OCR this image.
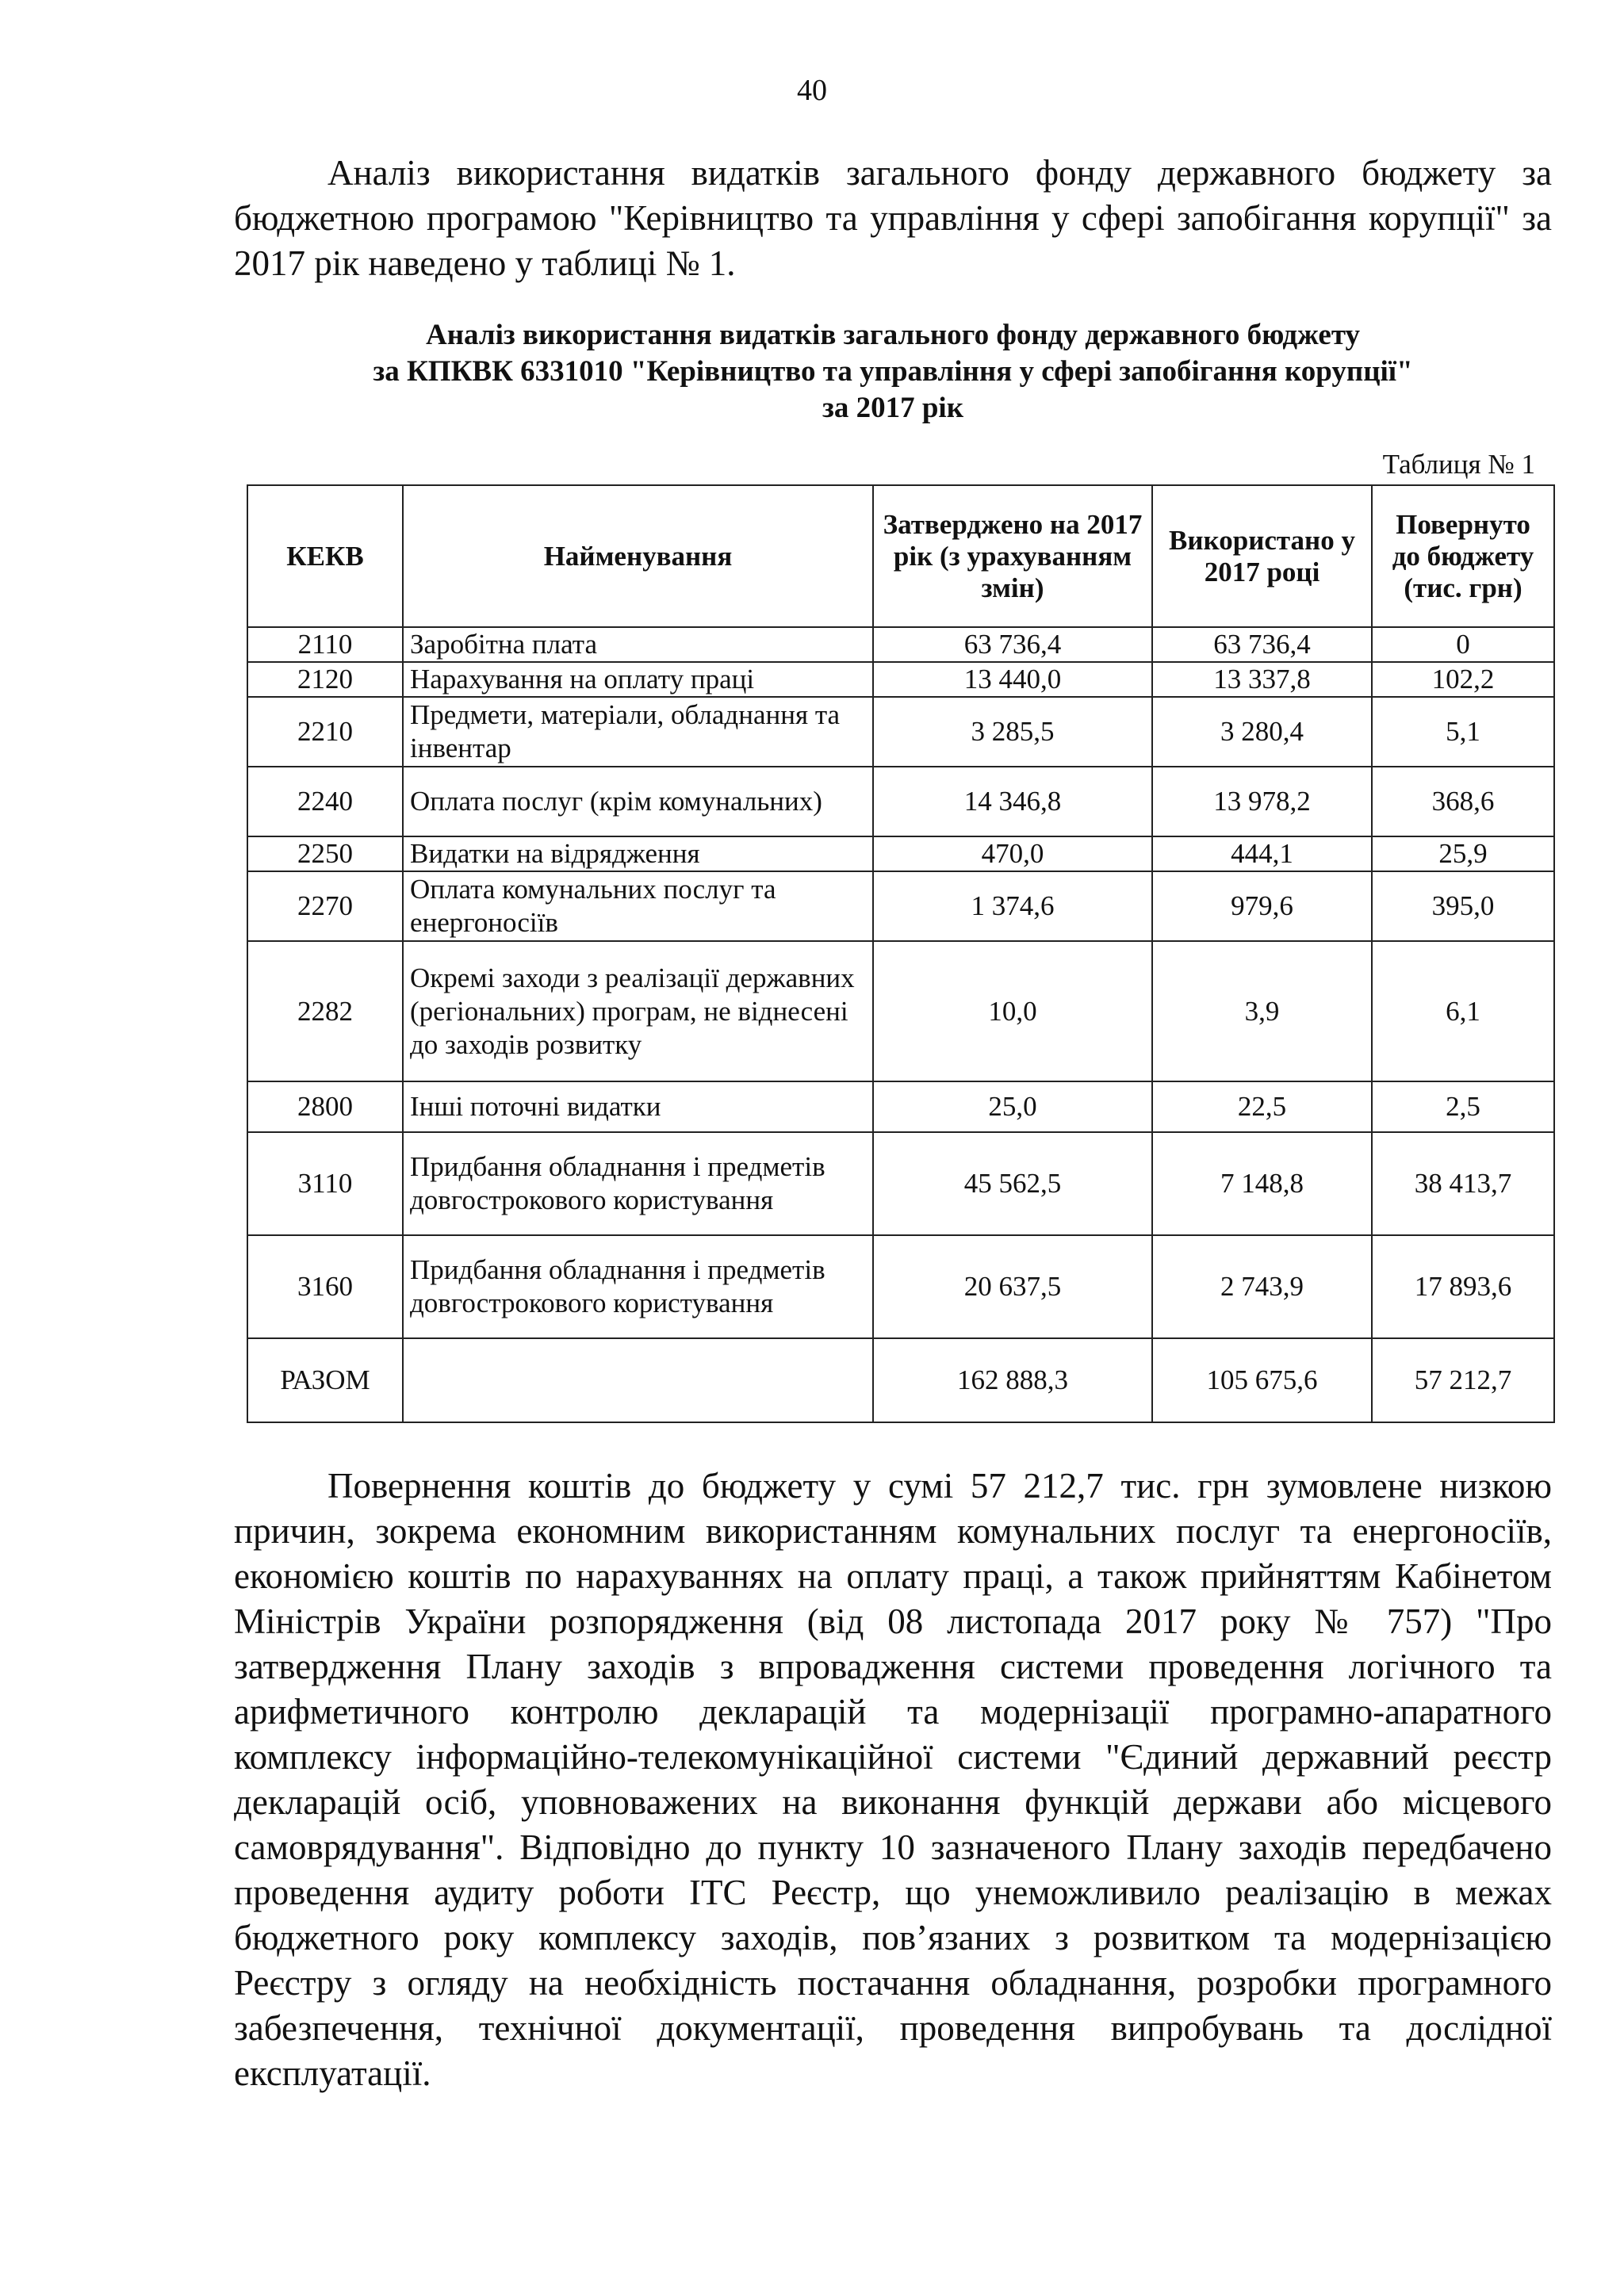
40

Аналіз використання видатків загального фонду державного бюджету за бюджетною програмою "Керівництво та управління у сфері запобігання корупції" за 2017 рік наведено у таблиці № 1.

Аналіз використання видатків загального фонду державного бюджету
за КПКВК 6331010 "Керівництво та управління у сфері запобігання корупції"
за 2017 рік
Таблиця № 1
КЕКВ	Найменування	Затверджено на 2017 рік (з урахуванням змін)	Використано у 2017 році	Повернуто до бюджету (тис. грн)
2110	Заробітна плата	63 736,4	63 736,4	0
2120	Нарахування на оплату праці	13 440,0	13 337,8	102,2
2210	Предмети, матеріали, обладнання та інвентар	3 285,5	3 280,4	5,1
2240	Оплата послуг (крім комунальних)	14 346,8	13 978,2	368,6
2250	Видатки на відрядження	470,0	444,1	25,9
2270	Оплата комунальних послуг та енергоносіїв	1 374,6	979,6	395,0
2282	Окремі заходи з реалізації державних (регіональних) програм, не віднесені до заходів розвитку	10,0	3,9	6,1
2800	Інші поточні видатки	25,0	22,5	2,5
3110	Придбання обладнання і предметів довгострокового користування	45 562,5	7 148,8	38 413,7
3160	Придбання обладнання і предметів довгострокового користування	20 637,5	2 743,9	17 893,6
РАЗОМ		162 888,3	105 675,6	57 212,7

Повернення коштів до бюджету у сумі 57 212,7 тис. грн зумовлене низкою причин, зокрема економним використанням комунальних послуг та енергоносіїв, економією коштів по нарахуваннях на оплату праці, а також прийняттям Кабінетом Міністрів України розпорядження (від 08 листопада 2017 року № 757) "Про затвердження Плану заходів з впровадження системи проведення логічного та арифметичного контролю декларацій та модернізації програмно-апаратного комплексу інформаційно-телекомунікаційної системи "Єдиний державний реєстр декларацій осіб, уповноважених на виконання функцій держави або місцевого самоврядування". Відповідно до пункту 10 зазначеного Плану заходів передбачено проведення аудиту роботи ІТС Реєстр, що унеможливило реалізацію в межах бюджетного року комплексу заходів, пов’язаних з розвитком та модернізацією Реєстру з огляду на необхідність постачання обладнання, розробки програмного забезпечення, технічної документації, проведення випробувань та дослідної експлуатації.
